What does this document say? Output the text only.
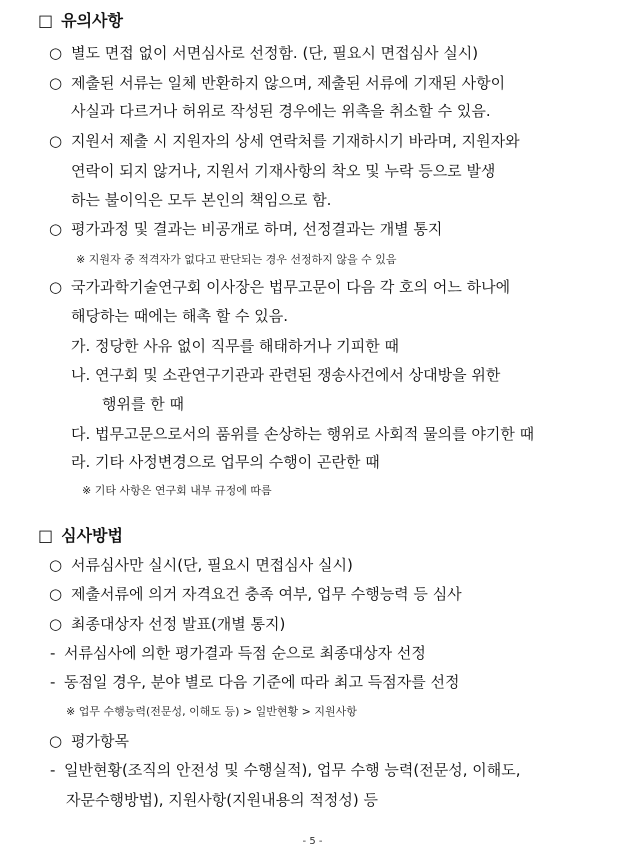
□ 유의사항
○ 별도 면접 없이 서면심사로 선정함. (단, 필요시 면접심사 실시)
○ 제출된 서류는 일체 반환하지 않으며, 제출된 서류에 기재된 사항이
사실과 다르거나 허위로 작성된 경우에는 위촉을 취소할 수 있음.
○ 지원서 제출 시 지원자의 상세 연락처를 기재하시기 바라며, 지원자와
연락이 되지 않거나, 지원서 기재사항의 착오 및 누락 등으로 발생
하는 불이익은 모두 본인의 책임으로 함.
○ 평가과정 및 결과는 비공개로 하며, 선정결과는 개별 통지
※ 지원자 중 적격자가 없다고 판단되는 경우 선정하지 않을 수 있음
○ 국가과학기술연구회 이사장은 법무고문이 다음 각 호의 어느 하나에
해당하는 때에는 해촉 할 수 있음.
가. 정당한 사유 없이 직무를 해태하거나 기피한 때
나. 연구회 및 소관연구기관과 관련된 쟁송사건에서 상대방을 위한
행위를 한 때
다. 법무고문으로서의 품위를 손상하는 행위로 사회적 물의를 야기한 때
라. 기타 사정변경으로 업무의 수행이 곤란한 때
※ 기타 사항은 연구회 내부 규정에 따름
□ 심사방법
○ 서류심사만 실시(단, 필요시 면접심사 실시)
○ 제출서류에 의거 자격요건 충족 여부, 업무 수행능력 등 심사
○ 최종대상자 선정 발표(개별 통지)
- 서류심사에 의한 평가결과 득점 순으로 최종대상자 선정
- 동점일 경우, 분야 별로 다음 기준에 따라 최고 득점자를 선정
※ 업무 수행능력(전문성, 이해도 등) > 일반현황 > 지원사항
○ 평가항목
- 일반현황(조직의 안전성 및 수행실적), 업무 수행 능력(전문성, 이해도,
자문수행방법), 지원사항(지원내용의 적정성) 등
- 5 -
